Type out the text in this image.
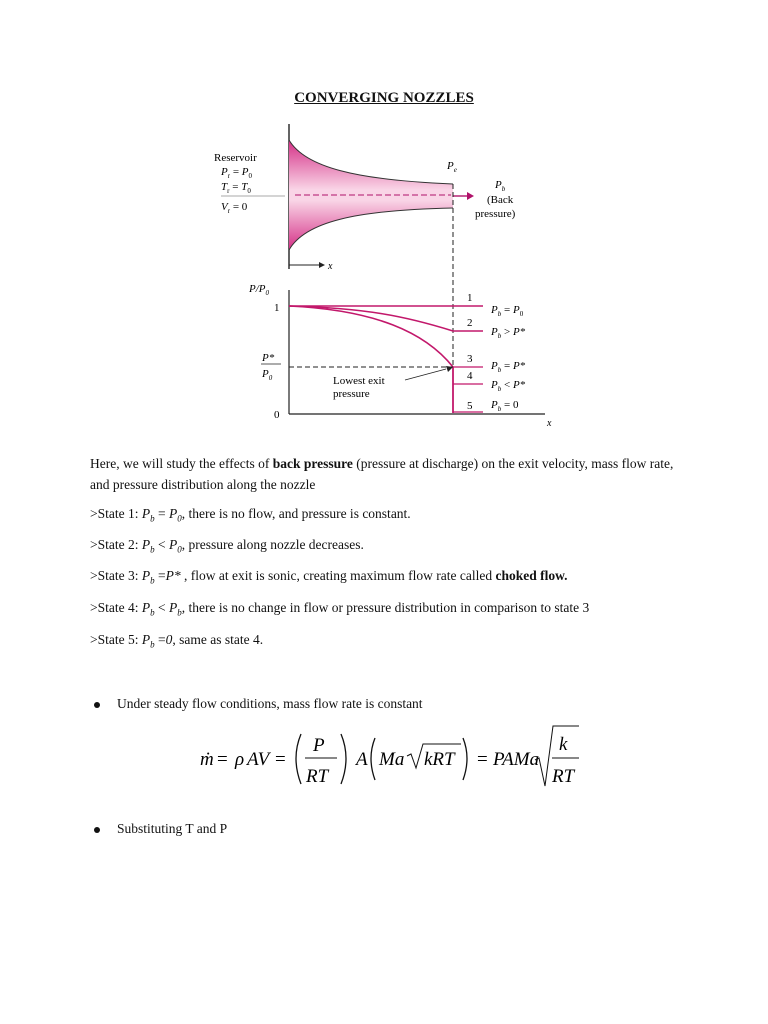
CONVERGING NOZZLES
x
Reservoir
$P_r = P_0$
$T_r = T_0$
$V_r = 0$
$P_e$
$P_b$
(Back
pressure)
$P/P_0$
x
1
P*
$P_0$
0
Lowest exit
pressure
1
2
3
4
5
$P_b = P_0$
$P_b > P*$
$P_b = P*$
$P_b < P*$
$P_b = 0$
Here, we will study the effects of back pressure (pressure at discharge) on the exit velocity, mass flow rate, and pressure distribution along the nozzle
>State 1: $P_b = P_0$, there is no flow, and pressure is constant.
>State 2: $P_b < P_0$, pressure along nozzle decreases.
>State 3: $P_b =P*$ , flow at exit is sonic, creating maximum flow rate called choked flow.
>State 4: $P_b < P_b$, there is no change in flow or pressure distribution in comparison to state 3
>State 5: $P_b =0$, same as state 4.
Under steady flow conditions, mass flow rate is constant
ṁ = ρ AV =
P
RT
A Ma kRT = PAMa
k
RT
Substituting T and P
